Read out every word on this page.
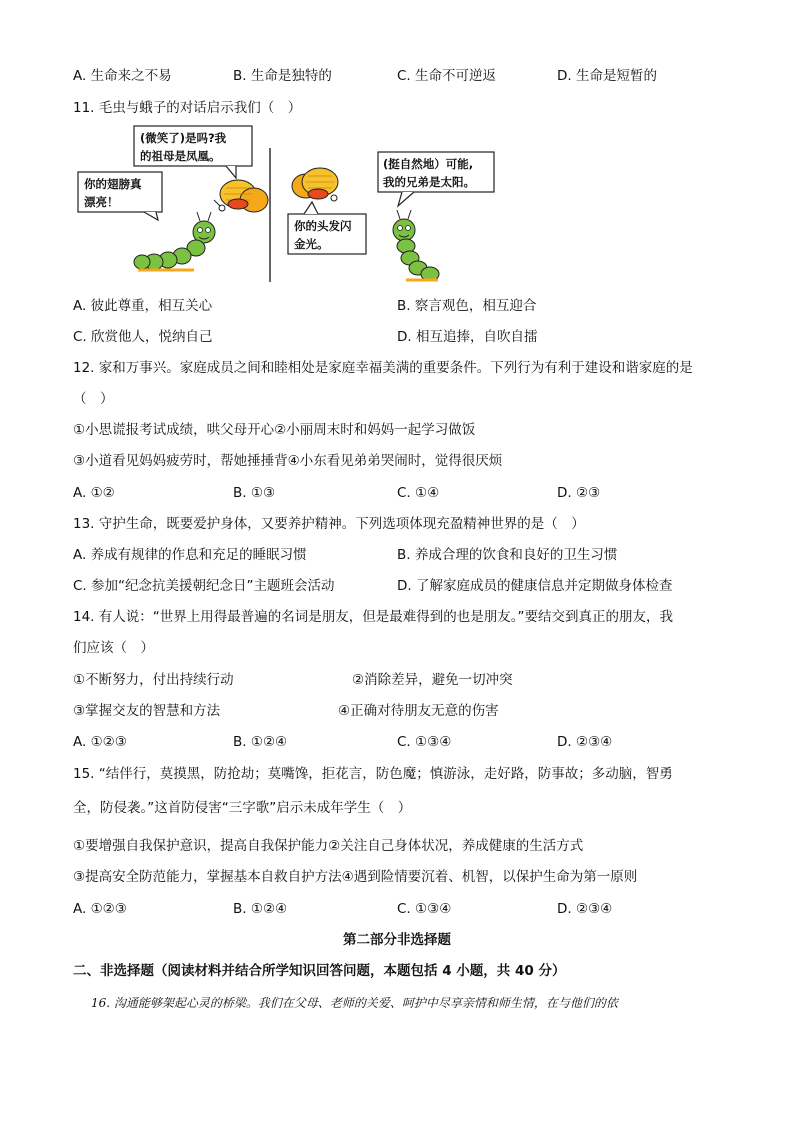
A. 生命来之不易	B. 生命是独特的	C. 生命不可逆返	D. 生命是短暂的
11. 毛虫与蛾子的对话启示我们（　）
(微笑了)是吗?我
的祖母是凤凰。
你的翅膀真
漂亮！
(挺自然地）可能,
我的兄弟是太阳。
你的头发闪
金光。
A. 彼此尊重，相互关心	B. 察言观色，相互迎合
C. 欣赏他人，悦纳自己	D. 相互追捧，自吹自擂
12. 家和万事兴。家庭成员之间和睦相处是家庭幸福美满的重要条件。下列行为有利于建设和谐家庭的是
（　）
①小思谎报考试成绩，哄父母开心②小丽周末时和妈妈一起学习做饭
③小道看见妈妈疲劳时，帮她捶捶背④小东看见弟弟哭闹时，觉得很厌烦
A. ①②	B. ①③	C. ①④	D. ②③
13. 守护生命，既要爱护身体，又要养护精神。下列选项体现充盈精神世界的是（　）
A. 养成有规律的作息和充足的睡眠习惯	B. 养成合理的饮食和良好的卫生习惯
C. 参加“纪念抗美援朝纪念日”主题班会活动	D. 了解家庭成员的健康信息并定期做身体检查
14. 有人说：“世界上用得最普遍的名词是朋友，但是最难得到的也是朋友。”要结交到真正的朋友，我
们应该（　）
①不断努力，付出持续行动	②消除差异，避免一切冲突
③掌握交友的智慧和方法	④正确对待朋友无意的伤害
A. ①②③	B. ①②④	C. ①③④	D. ②③④
15. “结伴行，莫摸黑，防抢劫；莫嘴馋，拒花言，防色魔；慎游泳，走好路，防事故；多动脑，智勇
全，防侵袭。”这首防侵害“三字歌”启示未成年学生（　）
①要增强自我保护意识，提高自我保护能力②关注自己身体状况，养成健康的生活方式
③提高安全防范能力，掌握基本自救自护方法④遇到险情要沉着、机智，以保护生命为第一原则
A. ①②③	B. ①②④	C. ①③④	D. ②③④
第二部分非选择题
二、非选择题（阅读材料并结合所学知识回答问题，本题包括 4 小题，共 40 分）
16. 沟通能够架起心灵的桥梁。我们在父母、老师的关爱、呵护中尽享亲情和师生情，在与他们的依
